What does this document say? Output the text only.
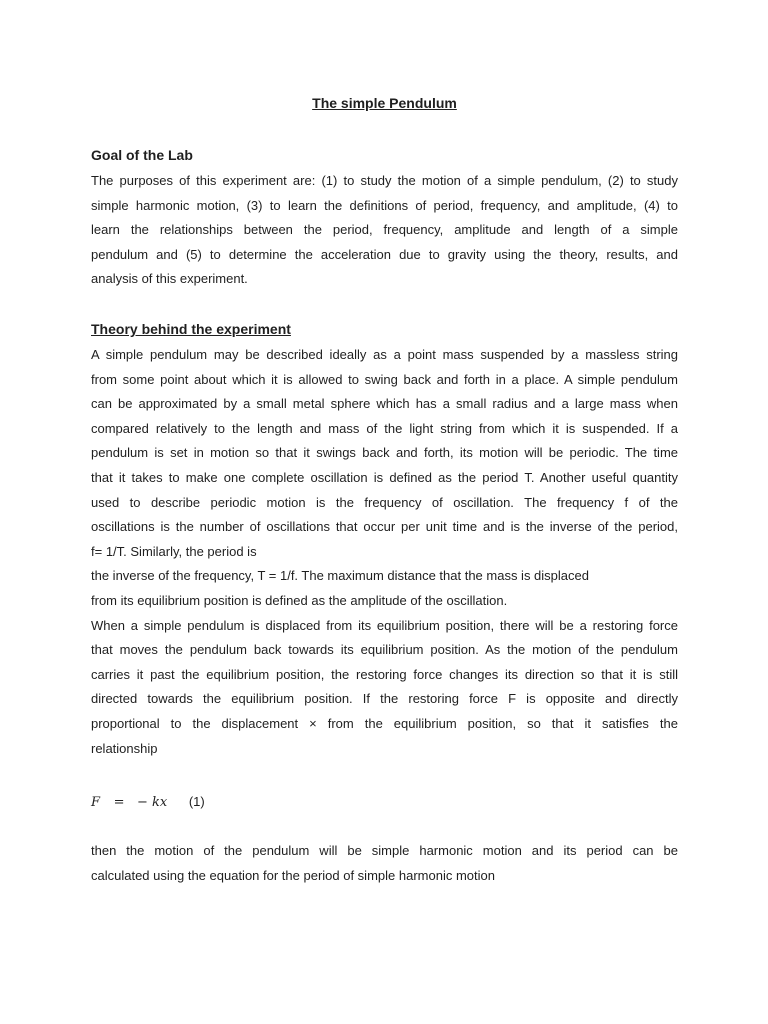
The simple Pendulum
Goal of the Lab
The purposes of this experiment are: (1) to study the motion of a simple pendulum, (2) to study
simple harmonic motion, (3) to learn the definitions of period, frequency, and amplitude, (4) to
learn the relationships between the period, frequency, amplitude and length of a simple
pendulum and (5) to determine the acceleration due to gravity using the theory, results, and
analysis of this experiment.
Theory behind the experiment
A simple pendulum may be described ideally as a point mass suspended by a massless string
from some point about which it is allowed to swing back and forth in a place. A simple pendulum
can be approximated by a small metal sphere which has a small radius and a large mass when
compared relatively to the length and mass of the light string from which it is suspended. If a
pendulum is set in motion so that it swings back and forth, its motion will be periodic. The time
that it takes to make one complete oscillation is defined as the period T. Another useful quantity
used to describe periodic motion is the frequency of oscillation. The frequency f of the
oscillations is the number of oscillations that occur per unit time and is the inverse of the period,
f= 1/T. Similarly, the period is
the inverse of the frequency, T = 1/f. The maximum distance that the mass is displaced
from its equilibrium position is defined as the amplitude of the oscillation.
When a simple pendulum is displaced from its equilibrium position, there will be a restoring force
that moves the pendulum back towards its equilibrium position. As the motion of the pendulum
carries it past the equilibrium position, the restoring force changes its direction so that it is still
directed towards the equilibrium position. If the restoring force F is opposite and directly
proportional to the displacement × from the equilibrium position, so that it satisfies the
relationship
F =   − kx (1)
then the motion of the pendulum will be simple harmonic motion and its period can be
calculated using the equation for the period of simple harmonic motion
